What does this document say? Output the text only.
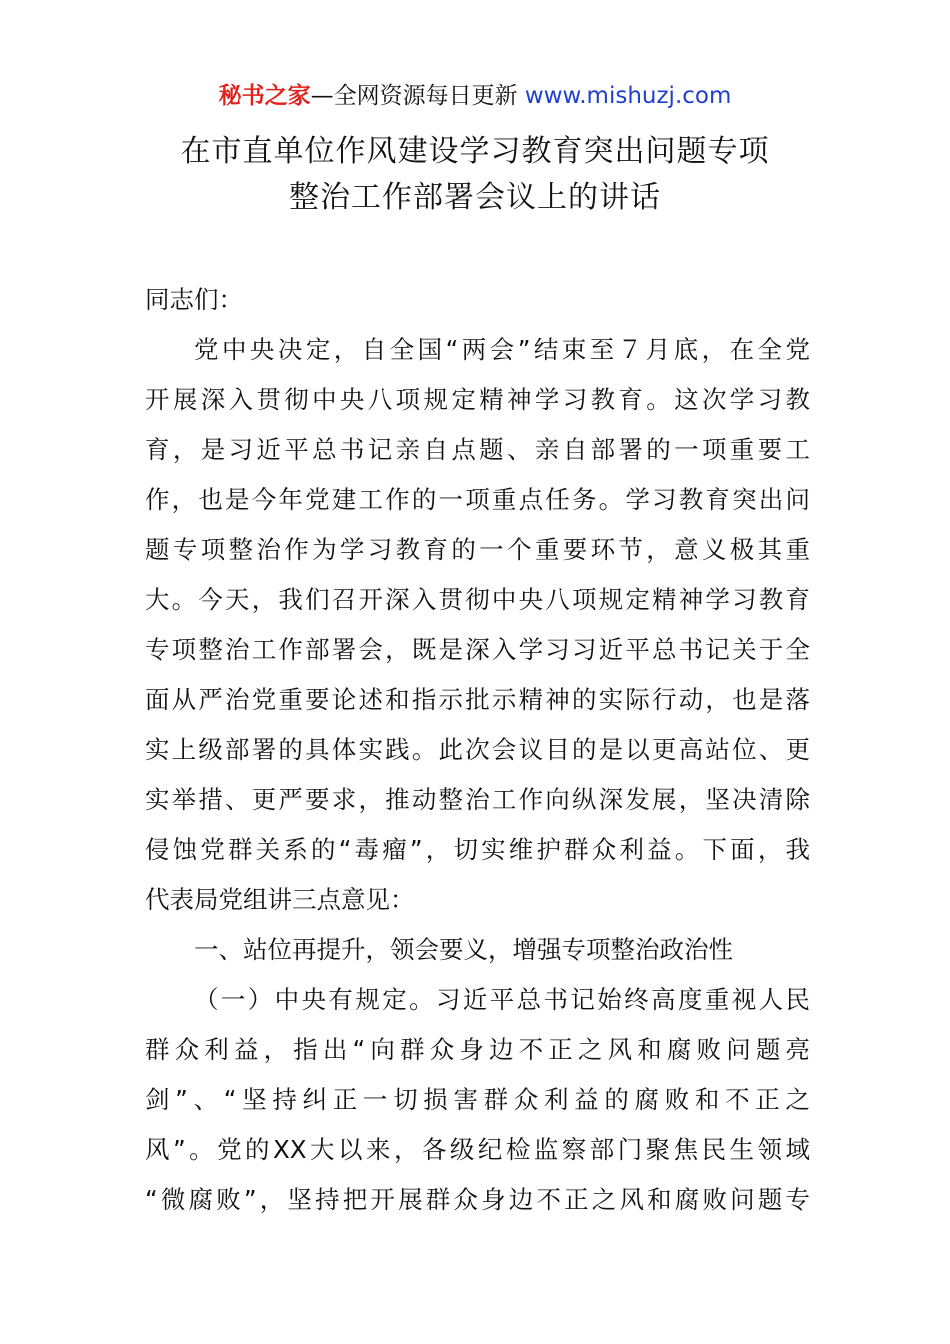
秘书之家—全网资源每日更新 www.mishuzj.com
在市直单位作风建设学习教育突出问题专项
整治工作部署会议上的讲话
同志们：
党中央决定，自全国“两会”结束至７月底，在全党
开展深入贯彻中央八项规定精神学习教育。这次学习教
育，是习近平总书记亲自点题、亲自部署的一项重要工
作，也是今年党建工作的一项重点任务。学习教育突出问
题专项整治作为学习教育的一个重要环节，意义极其重
大。今天，我们召开深入贯彻中央八项规定精神学习教育
专项整治工作部署会，既是深入学习习近平总书记关于全
面从严治党重要论述和指示批示精神的实际行动，也是落
实上级部署的具体实践。此次会议目的是以更高站位、更
实举措、更严要求，推动整治工作向纵深发展，坚决清除
侵蚀党群关系的“毒瘤”，切实维护群众利益。下面，我
代表局党组讲三点意见：
一、站位再提升，领会要义，增强专项整治政治性
（一）中央有规定。习近平总书记始终高度重视人民
群众利益，指出“向群众身边不正之风和腐败问题亮
剑”、“坚持纠正一切损害群众利益的腐败和不正之
风”。党的XX大以来，各级纪检监察部门聚焦民生领域
“微腐败”，坚持把开展群众身边不正之风和腐败问题专
